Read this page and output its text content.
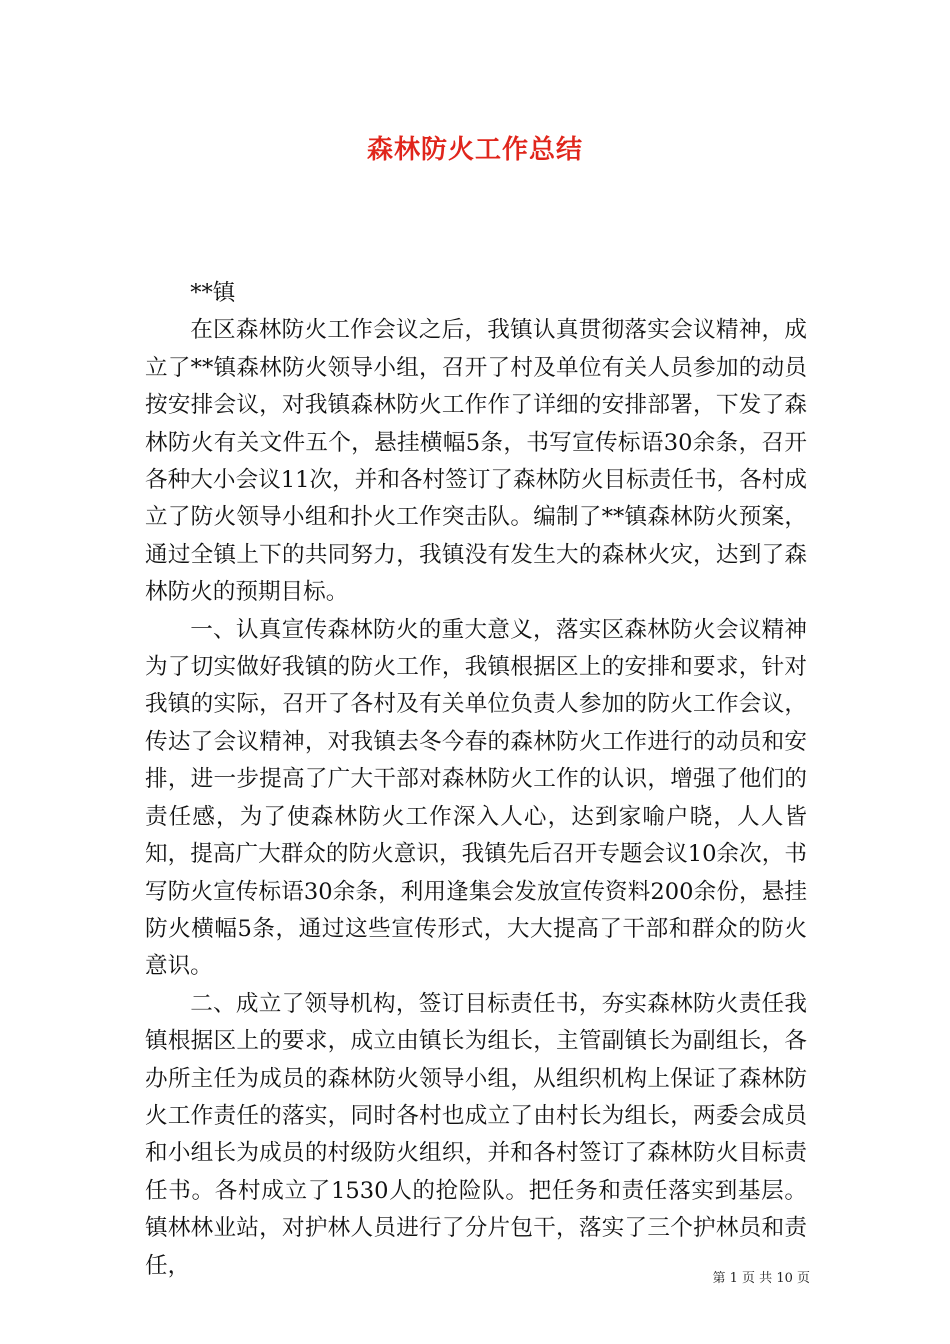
森林防火工作总结

**镇

在区森林防火工作会议之后，我镇认真贯彻落实会议精神，成立了**镇森林防火领导小组，召开了村及单位有关人员参加的动员按安排会议，对我镇森林防火工作作了详细的安排部署，下发了森林防火有关文件五个，悬挂横幅5条，书写宣传标语30余条，召开各种大小会议11次，并和各村签订了森林防火目标责任书，各村成立了防火领导小组和扑火工作突击队。编制了**镇森林防火预案，通过全镇上下的共同努力，我镇没有发生大的森林火灾，达到了森林防火的预期目标。

一、认真宣传森林防火的重大意义，落实区森林防火会议精神为了切实做好我镇的防火工作，我镇根据区上的安排和要求，针对我镇的实际，召开了各村及有关单位负责人参加的防火工作会议，传达了会议精神，对我镇去冬今春的森林防火工作进行的动员和安排，进一步提高了广大干部对森林防火工作的认识，增强了他们的责任感，为了使森林防火工作深入人心，达到家喻户晓，人人皆知，提高广大群众的防火意识，我镇先后召开专题会议10余次，书写防火宣传标语30余条，利用逢集会发放宣传资料200余份，悬挂防火横幅5条，通过这些宣传形式，大大提高了干部和群众的防火意识。

二、成立了领导机构，签订目标责任书，夯实森林防火责任我镇根据区上的要求，成立由镇长为组长，主管副镇长为副组长，各办所主任为成员的森林防火领导小组，从组织机构上保证了森林防火工作责任的落实，同时各村也成立了由村长为组长，两委会成员和小组长为成员的村级防火组织，并和各村签订了森林防火目标责任书。各村成立了1530人的抢险队。把任务和责任落实到基层。镇林林业站，对护林人员进行了分片包干，落实了三个护林员和责任，	第 1 页 共 10 页
